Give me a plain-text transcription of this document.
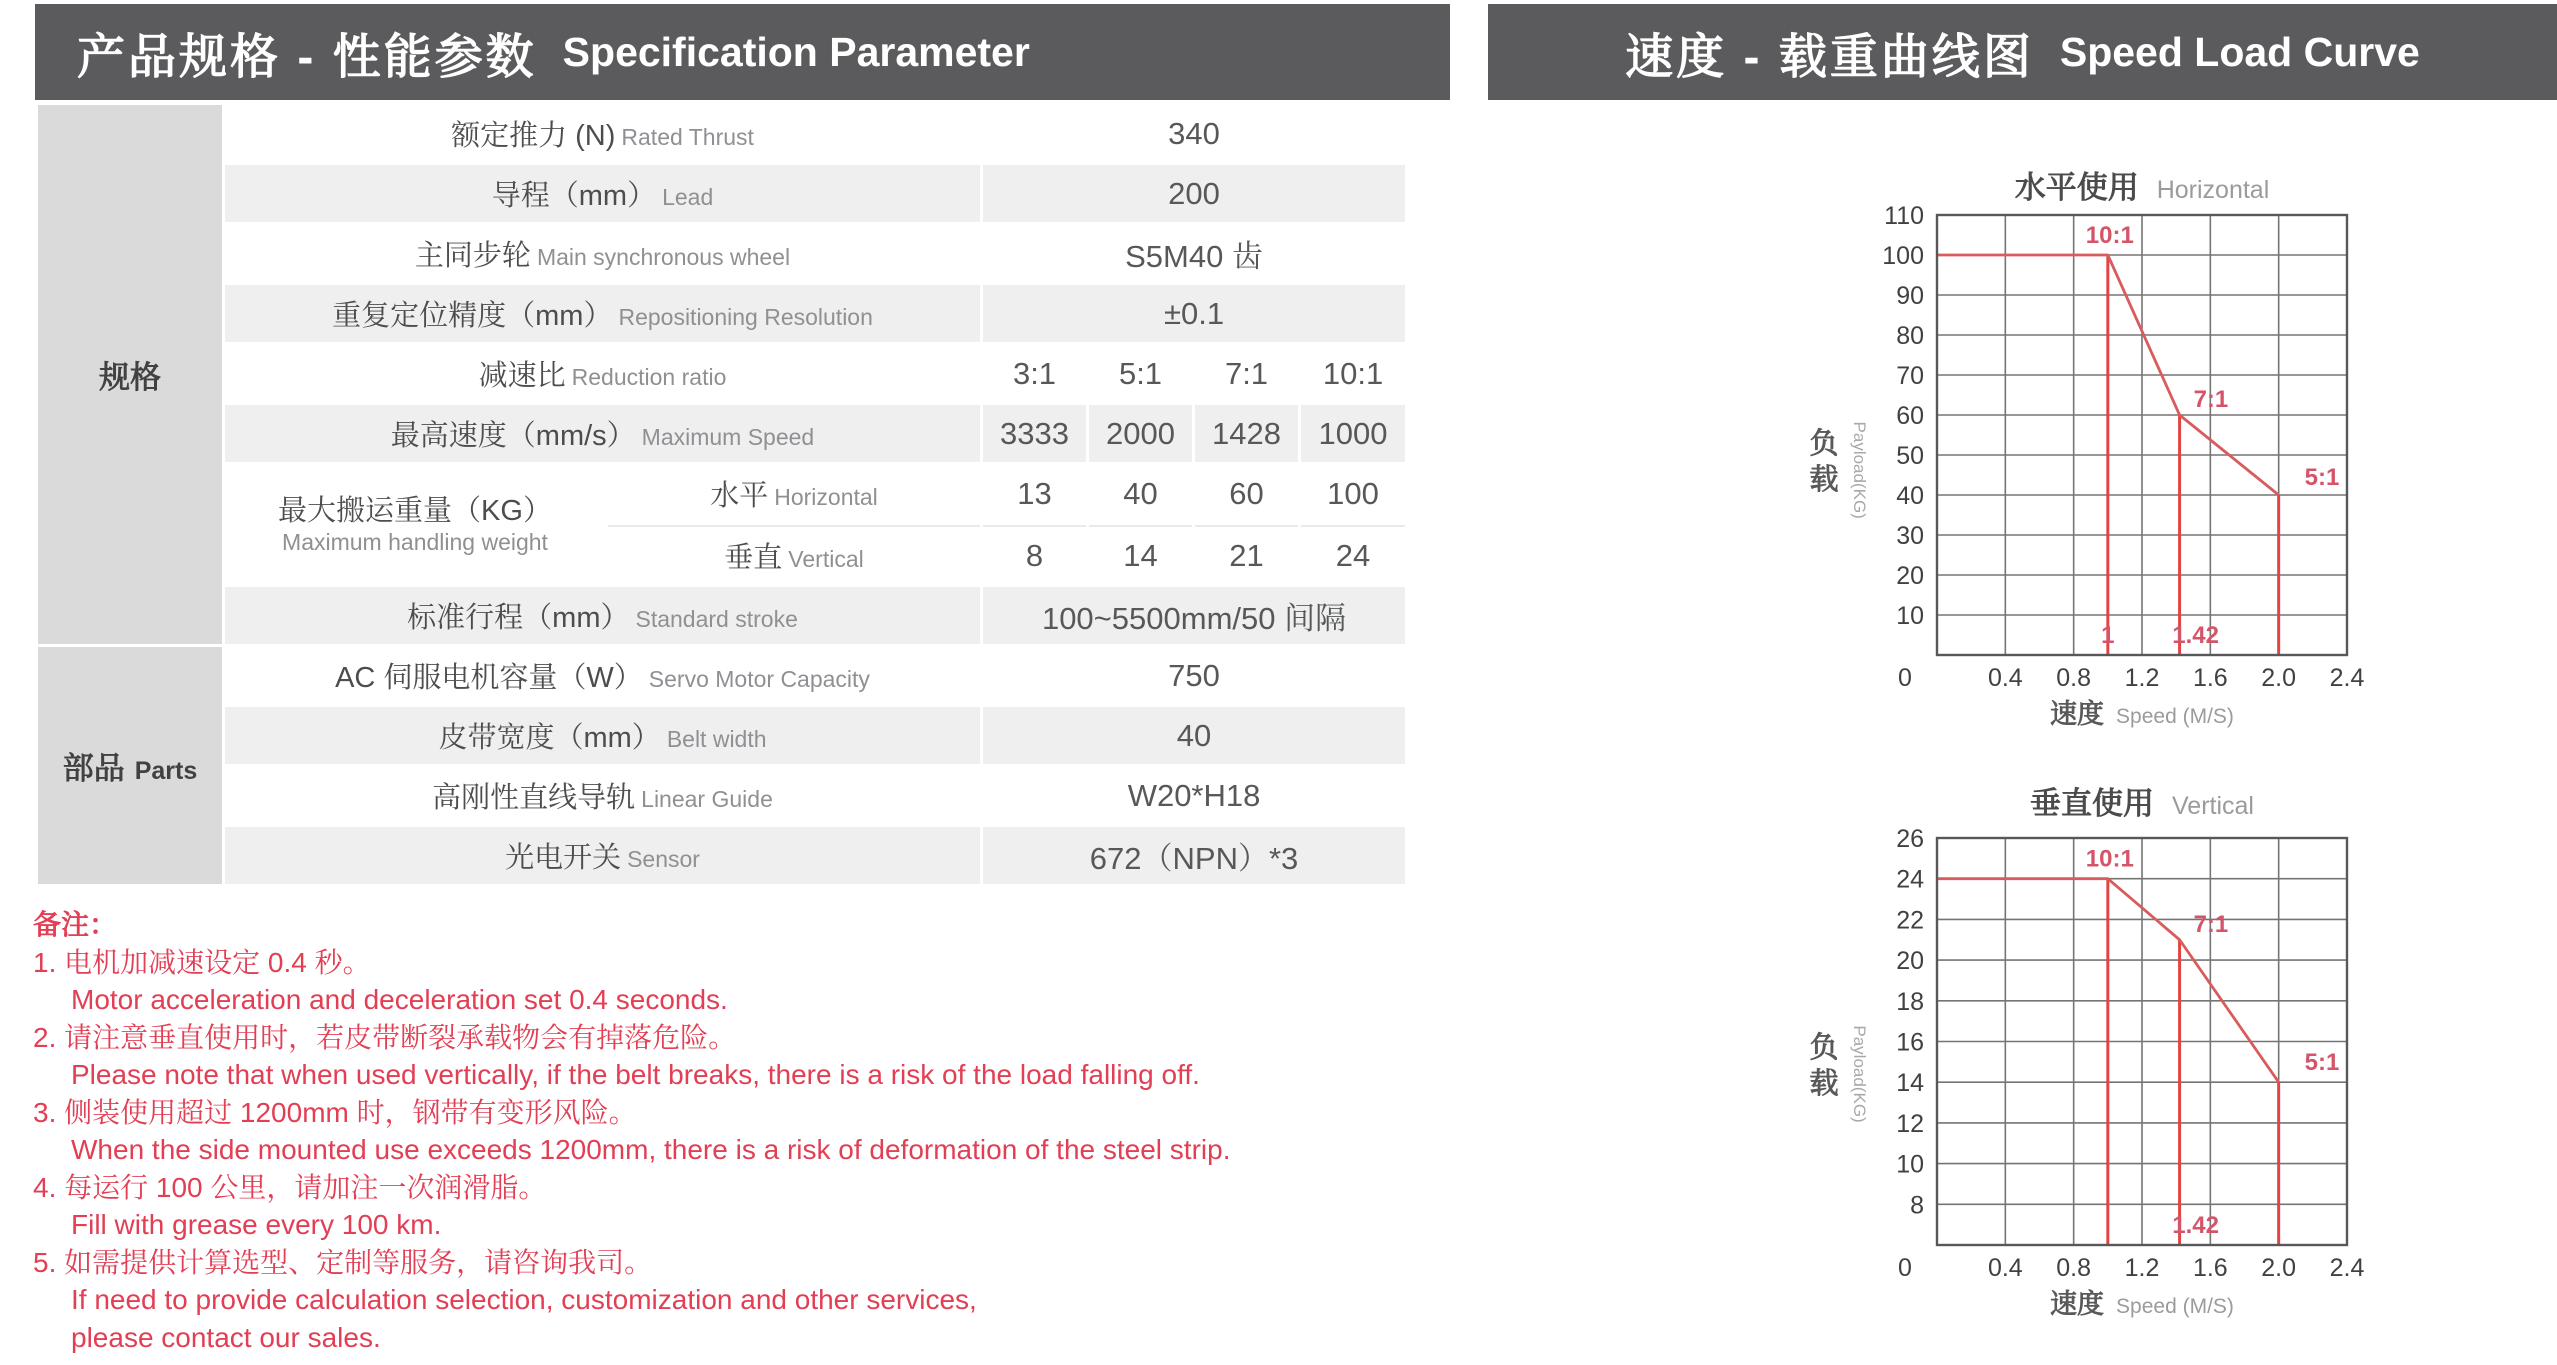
产品规格 - 性能参数 Specification Parameter
规格	额定推力 (N) Rated Thrust		340			
	导程（mm） Lead		200			
	主同步轮 Main synchronous wheel		S5M40 齿			
	重复定位精度（mm） Repositioning Resolution		±0.1			
	减速比 Reduction ratio		3:1	5:1	7:1	10:1
	最高速度（mm/s） Maximum Speed		3333	2000	1428	1000

	最大搬运重量（KG）
Maximum handling weight	水平 Horizontal	13	40	60	100
		垂直 Vertical	8	14	21	24
	标准行程（mm） Standard stroke		100~5500mm/50 间隔			
部品 Parts	AC 伺服电机容量（W） Servo Motor Capacity		750			
	皮带宽度（mm） Belt width		40			
	高刚性直线导轨 Linear Guide		W20*H18			
	光电开关 Sensor		672（NPN）*3			
备注：
1. 电机加减速设定 0.4 秒。
Motor acceleration and deceleration set 0.4 seconds.
2. 请注意垂直使用时，若皮带断裂承载物会有掉落危险。
Please note that when used vertically, if the belt breaks, there is a risk of the load falling off.
3. 侧装使用超过 1200mm 时，钢带有变形风险。
When the side mounted use exceeds 1200mm, there is a risk of deformation of the steel strip.
4. 每运行 100 公里，请加注一次润滑脂。
Fill with grease every 100 km.
5. 如需提供计算选型、定制等服务，请咨询我司。
If need to provide calculation selection, customization and other services,
please contact our sales.
速度 - 载重曲线图 Speed Load Curve
水平使用 Horizontal
110
100
90
80
70
60
50
40
30
20
10
0	0.4 0.8 1.2 1.6 2.0 2.4
速度 Speed (M/S)
负
载 Payload(KG)
10:1
7:1
5:1
1 1.42
垂直使用 Vertical
26
24
22
20
18
16
14
12
10
8
0	0.4 0.8 1.2 1.6 2.0 2.4
速度 Speed (M/S)
负
载 Payload(KG)
10:1
7:1
5:1
1.42
